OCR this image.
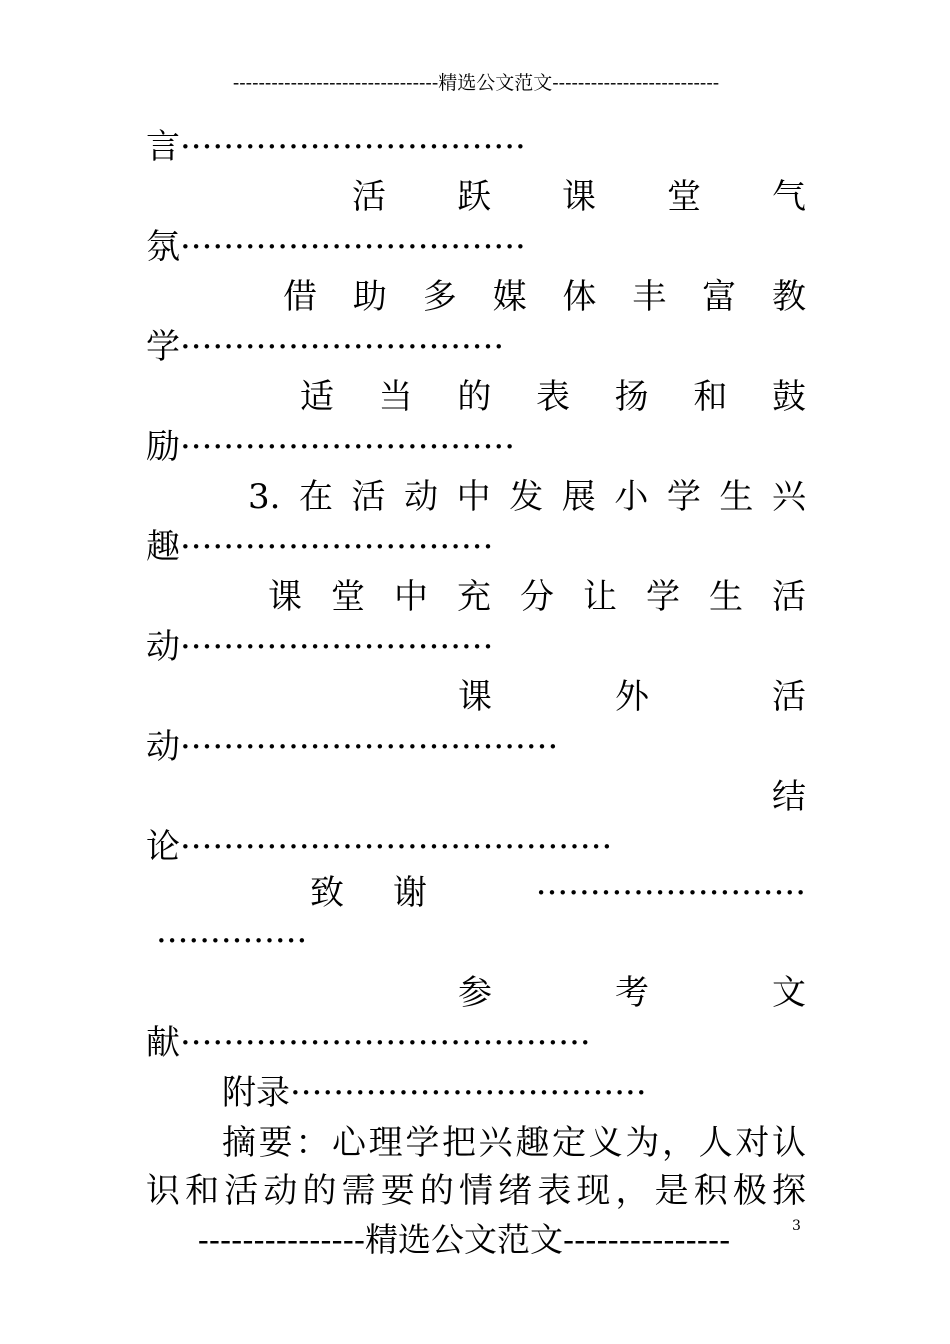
--------------------------------精选公文范文--------------------------
言································
活跃课堂气
氛································
借助多媒体丰富教
学······························
适当的表扬和鼓
励·······························
3.在活动中发展小学生兴
趣·····························
课堂中充分让学生活
动·····························
课外活
动···································
结
论········································
致谢 ·························
··············
参考文
献······································
附录·································
摘要：心理学把兴趣定义为，人对认
识和活动的需要的情绪表现，是积极探
---------------精选公文范文---------------	3
